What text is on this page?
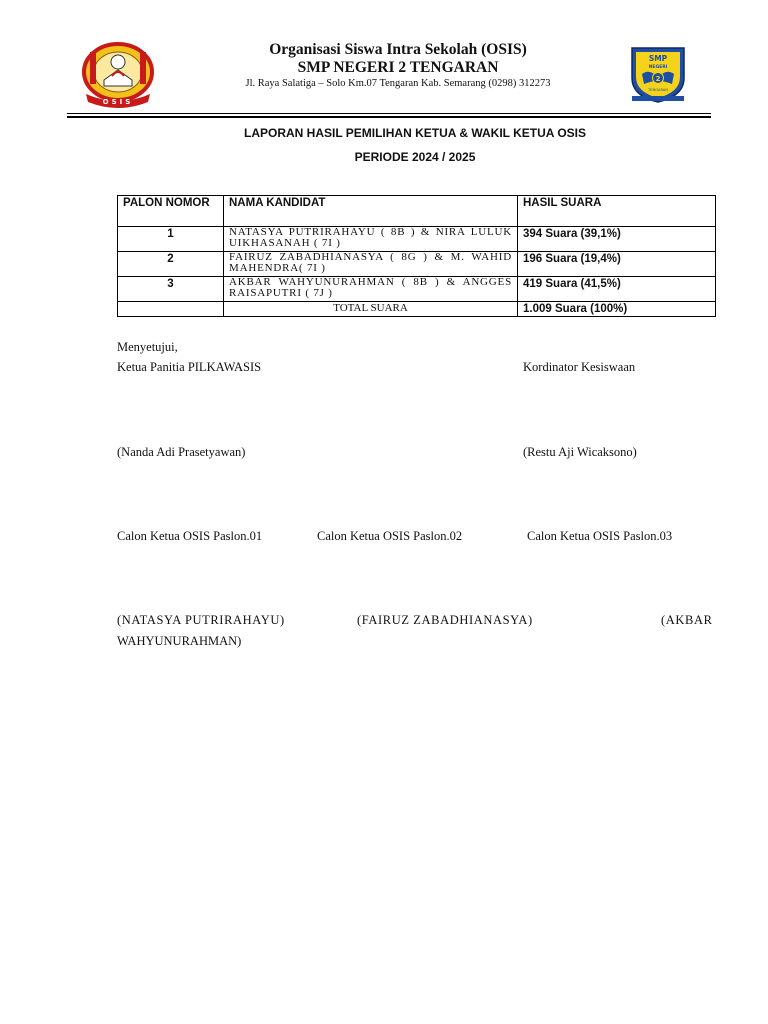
OSIS
SMP
NEGERI
2
TENGARAN
Organisasi Siswa Intra Sekolah (OSIS)
SMP NEGERI 2 TENGARAN
Jl. Raya Salatiga – Solo Km.07 Tengaran Kab. Semarang (0298) 312273
LAPORAN HASIL PEMILIHAN KETUA & WAKIL KETUA OSIS
PERIODE 2024 / 2025
PALON NOMOR	NAMA KANDIDAT	HASIL SUARA
1	NATASYA PUTRIRAHAYU ( 8B ) & NIRA LULUK UIKHASANAH ( 7I )	394 Suara (39,1%)
2	FAIRUZ ZABADHIANASYA ( 8G ) & M. WAHID MAHENDRA( 7I )	196 Suara (19,4%)
3	AKBAR WAHYUNURAHMAN ( 8B ) & ANGGES RAISAPUTRI ( 7J )	419 Suara (41,5%)
	TOTAL SUARA	1.009 Suara (100%)
Menyetujui,
Ketua Panitia PILKAWASIS	Kordinator Kesiswaan
(Nanda Adi Prasetyawan)	(Restu Aji Wicaksono)
Calon Ketua OSIS Paslon.01	Calon Ketua OSIS Paslon.02	Calon Ketua OSIS Paslon.03
(NATASYA PUTRIRAHAYU)	(FAIRUZ ZABADHIANASYA)	(AKBAR
WAHYUNURAHMAN)
